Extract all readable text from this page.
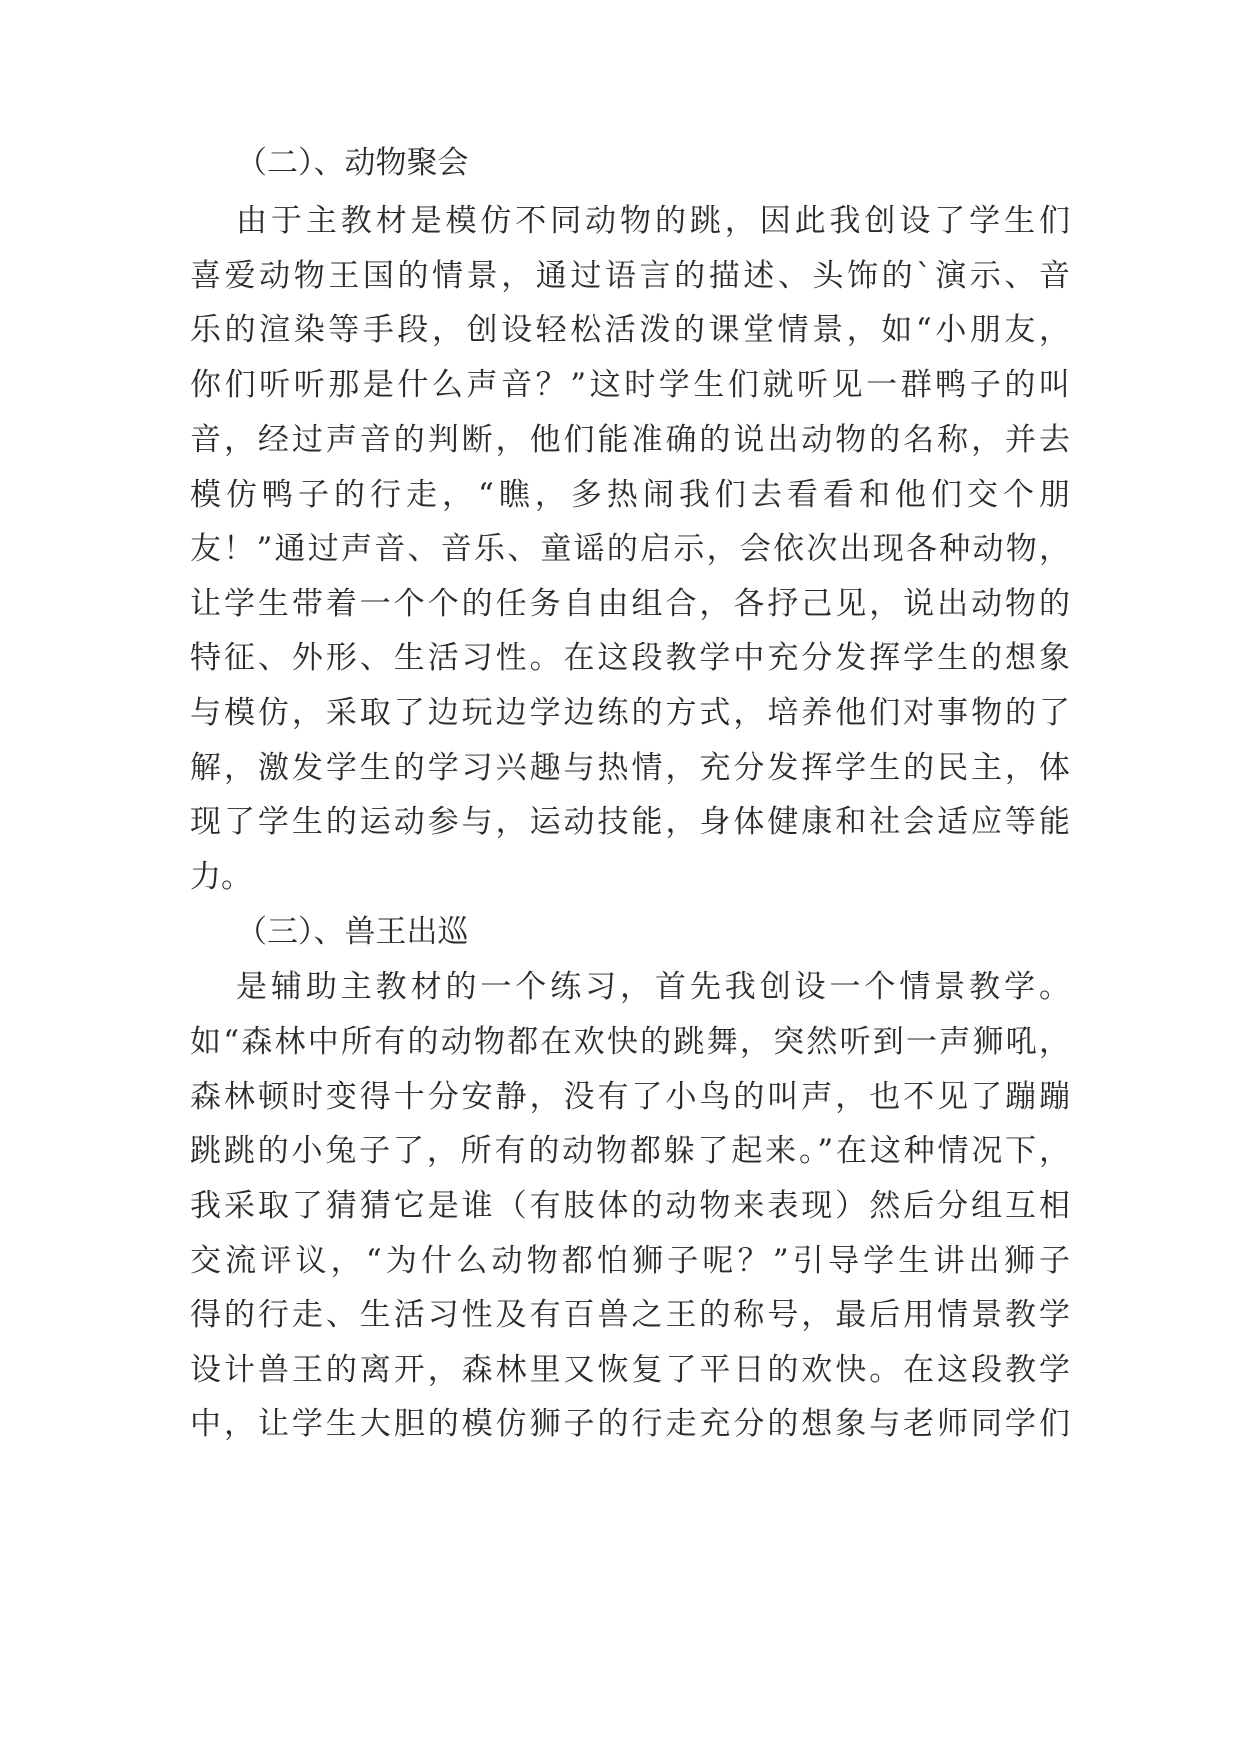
（二）、动物聚会

由于主教材是模仿不同动物的跳，因此我创设了学生们

喜爱动物王国的情景，通过语言的描述、头饰的`演示、音

乐的渲染等手段，创设轻松活泼的课堂情景，如“小朋友，

你们听听那是什么声音？”这时学生们就听见一群鸭子的叫

音，经过声音的判断，他们能准确的说出动物的名称，并去

模仿鸭子的行走，“瞧，多热闹我们去看看和他们交个朋

友！”通过声音、音乐、童谣的启示，会依次出现各种动物，

让学生带着一个个的任务自由组合，各抒己见，说出动物的

特征、外形、生活习性。在这段教学中充分发挥学生的想象

与模仿，采取了边玩边学边练的方式，培养他们对事物的了

解，激发学生的学习兴趣与热情，充分发挥学生的民主，体

现了学生的运动参与，运动技能，身体健康和社会适应等能

力。

（三）、兽王出巡

是辅助主教材的一个练习，首先我创设一个情景教学。

如“森林中所有的动物都在欢快的跳舞，突然听到一声狮吼，

森林顿时变得十分安静，没有了小鸟的叫声，也不见了蹦蹦

跳跳的小兔子了，所有的动物都躲了起来。”在这种情况下，

我采取了猜猜它是谁（有肢体的动物来表现）然后分组互相

交流评议，“为什么动物都怕狮子呢？”引导学生讲出狮子

得的行走、生活习性及有百兽之王的称号，最后用情景教学

设计兽王的离开，森林里又恢复了平日的欢快。在这段教学

中，让学生大胆的模仿狮子的行走充分的想象与老师同学们
